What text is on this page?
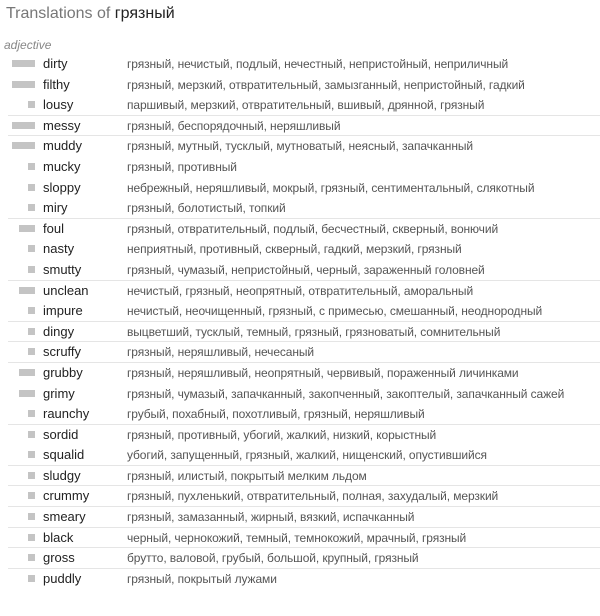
Translations of грязный
adjective
dirty	грязный, нечистый, подлый, нечестный, непристойный, неприличный
filthy	грязный, мерзкий, отвратительный, замызганный, непристойный, гадкий
lousy	паршивый, мерзкий, отвратительный, вшивый, дрянной, грязный
messy	грязный, беспорядочный, неряшливый
muddy	грязный, мутный, тусклый, мутноватый, неясный, запачканный
mucky	грязный, противный
sloppy	небрежный, неряшливый, мокрый, грязный, сентиментальный, слякотный
miry	грязный, болотистый, топкий
foul	грязный, отвратительный, подлый, бесчестный, скверный, вонючий
nasty	неприятный, противный, скверный, гадкий, мерзкий, грязный
smutty	грязный, чумазый, непристойный, черный, зараженный головней
unclean	нечистый, грязный, неопрятный, отвратительный, аморальный
impure	нечистый, неочищенный, грязный, с примесью, смешанный, неоднородный
dingy	выцветший, тусклый, темный, грязный, грязноватый, сомнительный
scruffy	грязный, неряшливый, нечесаный
grubby	грязный, неряшливый, неопрятный, червивый, пораженный личинками
grimy	грязный, чумазый, запачканный, закопченный, закоптелый, запачканный сажей
raunchy	грубый, похабный, похотливый, грязный, неряшливый
sordid	грязный, противный, убогий, жалкий, низкий, корыстный
squalid	убогий, запущенный, грязный, жалкий, нищенский, опустившийся
sludgy	грязный, илистый, покрытый мелким льдом
crummy	грязный, пухленький, отвратительный, полная, захудалый, мерзкий
smeary	грязный, замазанный, жирный, вязкий, испачканный
black	черный, чернокожий, темный, темнокожий, мрачный, грязный
gross	брутто, валовой, грубый, большой, крупный, грязный
puddly	грязный, покрытый лужами
